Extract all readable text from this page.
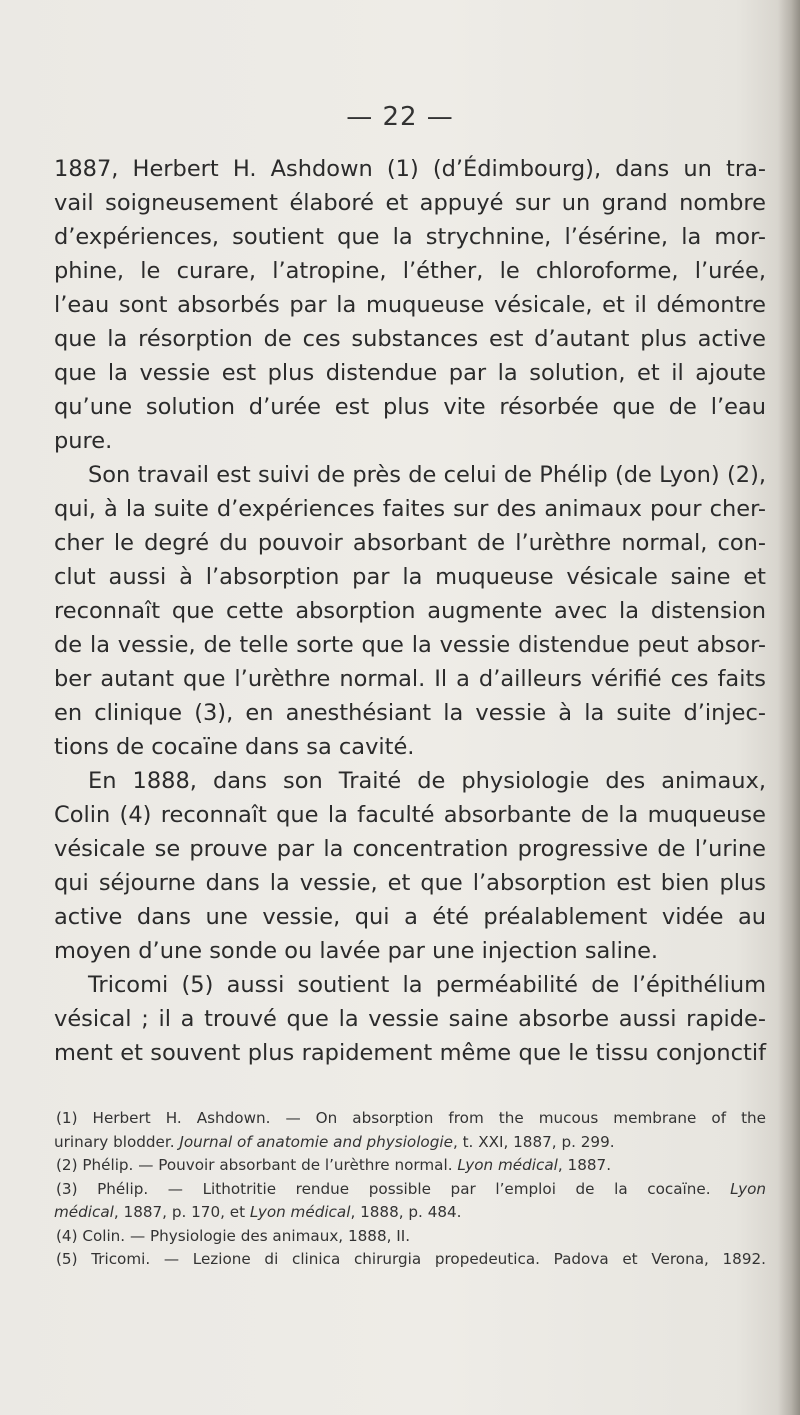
— 22 —
1887, Herbert H. Ashdown (1) (d’Édimbourg), dans un tra-
vail soigneusement élaboré et appuyé sur un grand nombre
d’expériences, soutient que la strychnine, l’ésérine, la mor-
phine, le curare, l’atropine, l’éther, le chloroforme, l’urée,
l’eau sont absorbés par la muqueuse vésicale, et il démontre
que la résorption de ces substances est d’autant plus active
que la vessie est plus distendue par la solution, et il ajoute
qu’une solution d’urée est plus vite résorbée que de l’eau
pure.
Son travail est suivi de près de celui de Phélip (de Lyon) (2),
qui, à la suite d’expériences faites sur des animaux pour cher-
cher le degré du pouvoir absorbant de l’urèthre normal, con-
clut aussi à l’absorption par la muqueuse vésicale saine et
reconnaît que cette absorption augmente avec la distension
de la vessie, de telle sorte que la vessie distendue peut absor-
ber autant que l’urèthre normal. Il a d’ailleurs vérifié ces faits
en clinique (3), en anesthésiant la vessie à la suite d’injec-
tions de cocaïne dans sa cavité.
En 1888, dans son Traité de physiologie des animaux,
Colin (4) reconnaît que la faculté absorbante de la muqueuse
vésicale se prouve par la concentration progressive de l’urine
qui séjourne dans la vessie, et que l’absorption est bien plus
active dans une vessie, qui a été préalablement vidée au
moyen d’une sonde ou lavée par une injection saline.
Tricomi (5) aussi soutient la perméabilité de l’épithélium
vésical ; il a trouvé que la vessie saine absorbe aussi rapide-
ment et souvent plus rapidement même que le tissu conjonctif
(1) Herbert H. Ashdown. — On absorption from the mucous membrane of the
urinary blodder. Journal of anatomie and physiologie, t. XXI, 1887, p. 299.
(2) Phélip. — Pouvoir absorbant de l’urèthre normal. Lyon médical, 1887.
(3) Phélip. — Lithotritie rendue possible par l’emploi de la cocaïne. Lyon
médical, 1887, p. 170, et Lyon médical, 1888, p. 484.
(4) Colin. — Physiologie des animaux, 1888, II.
(5) Tricomi. — Lezione di clinica chirurgia propedeutica. Padova et Verona, 1892.
